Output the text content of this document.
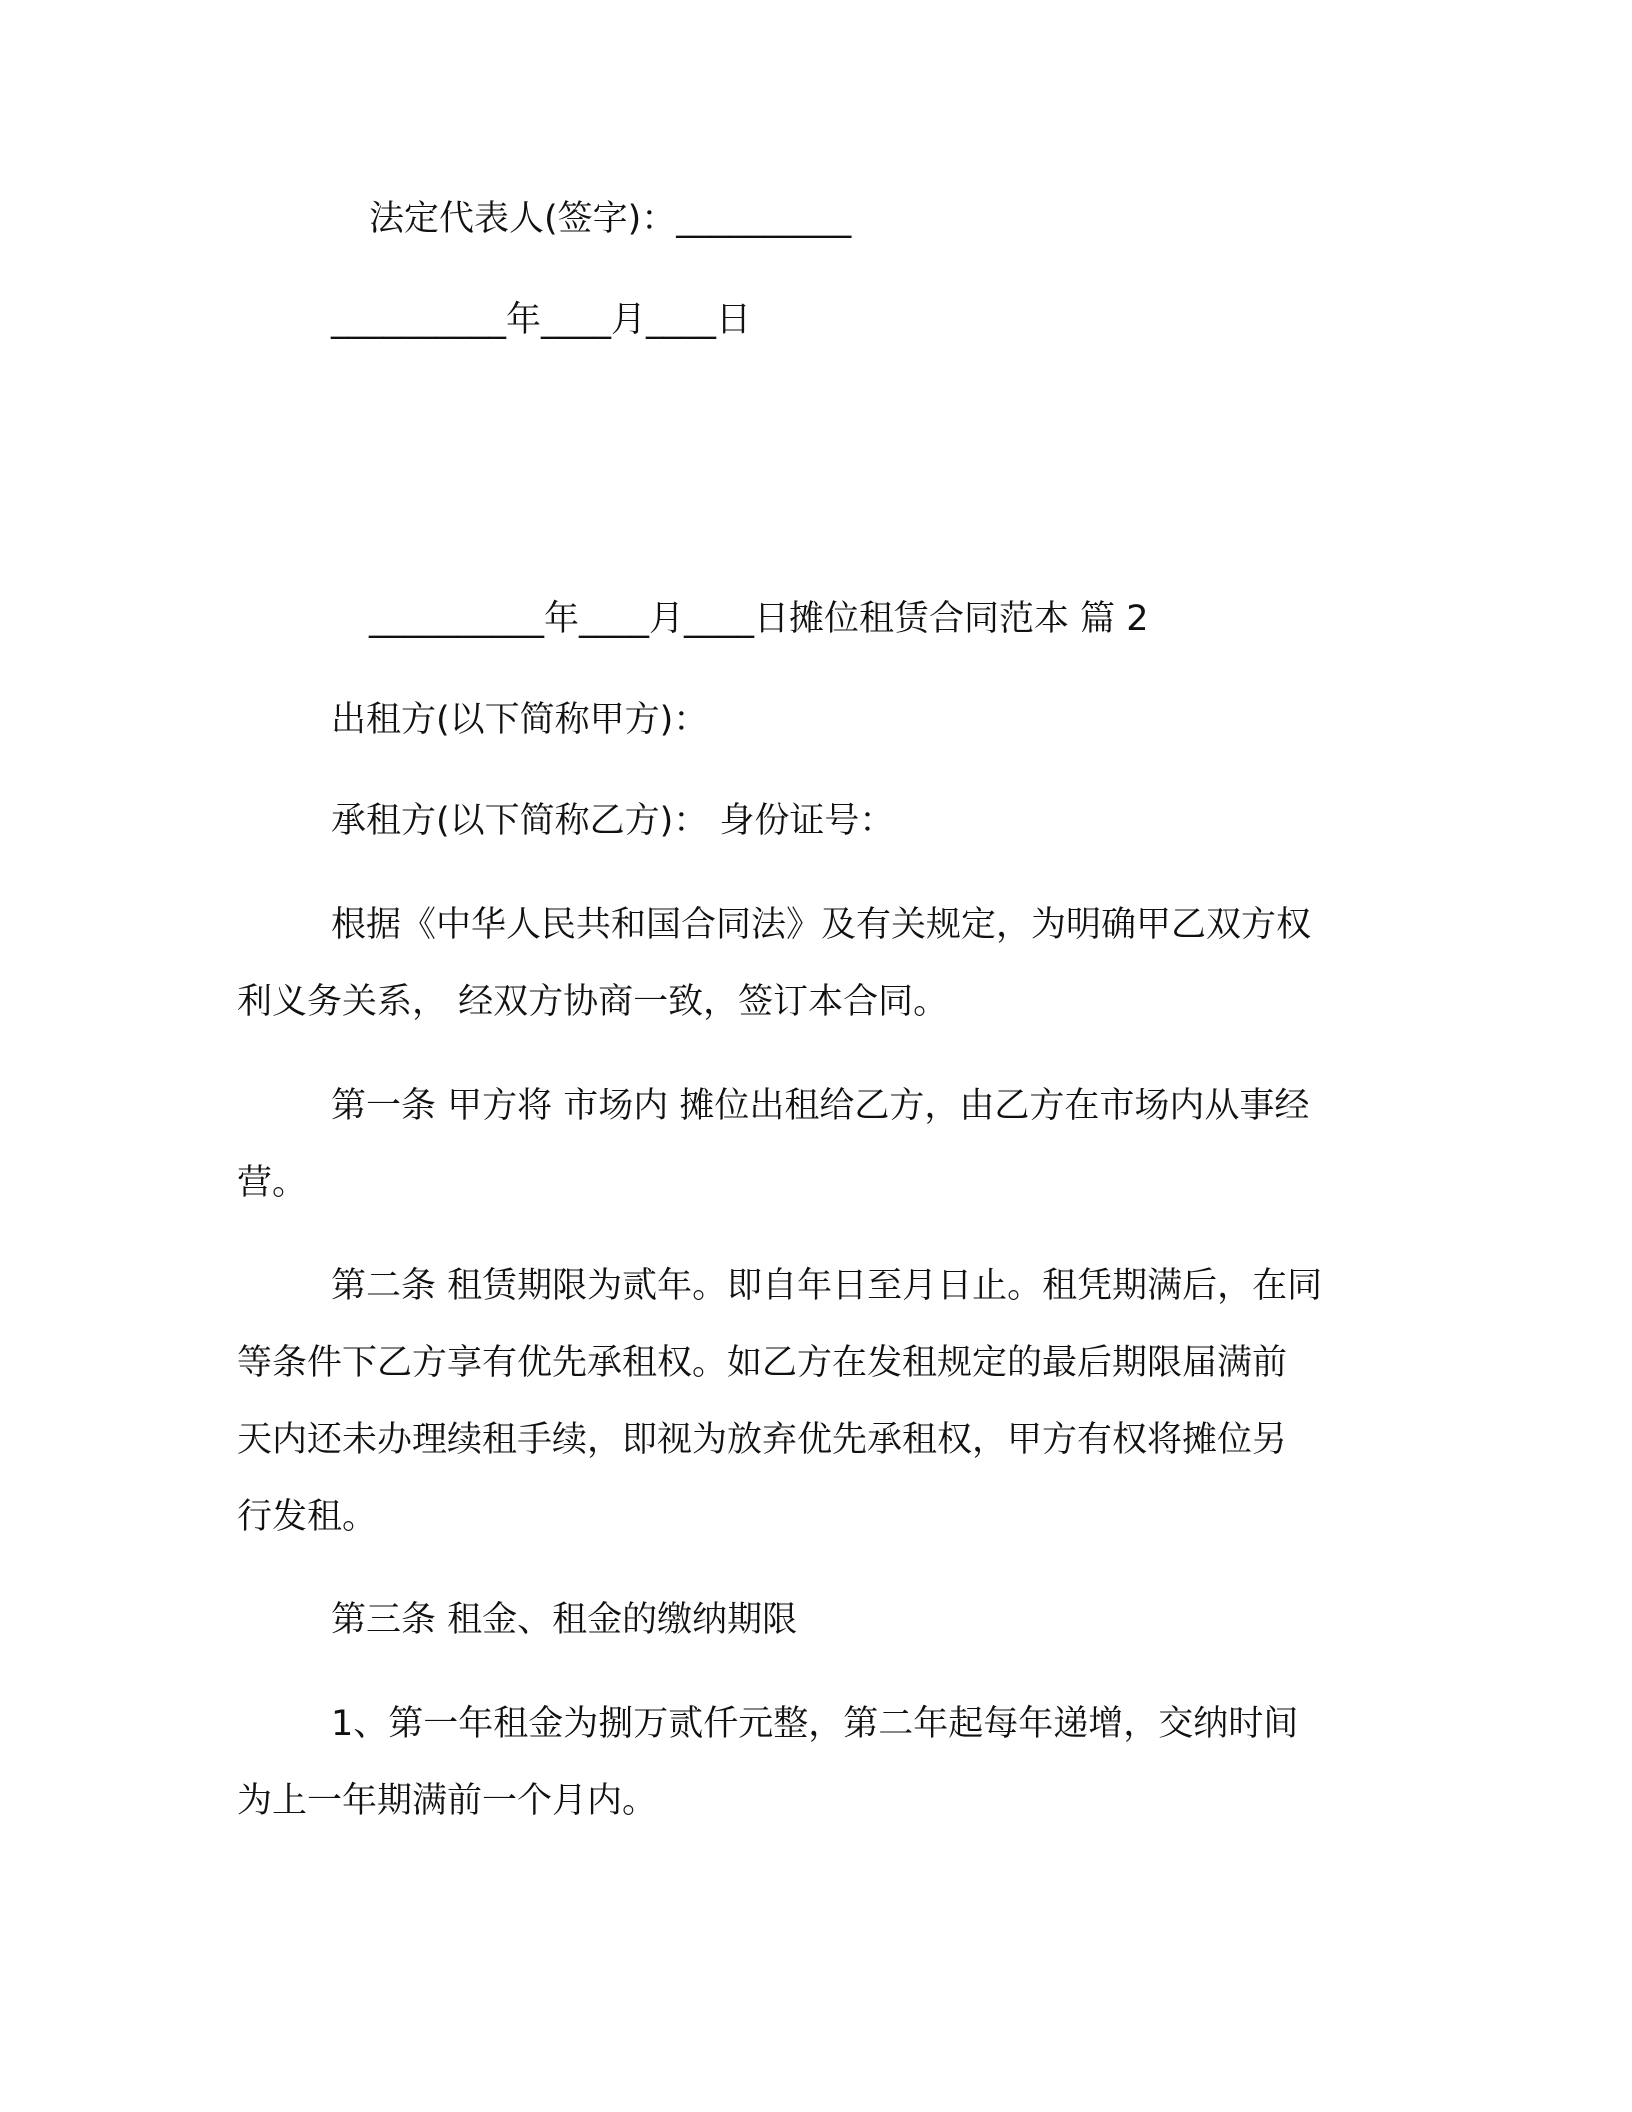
法定代表人(签字)：__________
__________年____月____日
__________年____月____日摊位租赁合同范本 篇 2
出租方(以下简称甲方)：
承租方(以下简称乙方)： 身份证号：
根据《中华人民共和国合同法》及有关规定，为明确甲乙双方权
利义务关系， 经双方协商一致，签订本合同。
第一条 甲方将 市场内 摊位出租给乙方，由乙方在市场内从事经
营。
第二条 租赁期限为贰年。即自年日至月日止。租凭期满后，在同
等条件下乙方享有优先承租权。如乙方在发租规定的最后期限届满前
天内还未办理续租手续，即视为放弃优先承租权，甲方有权将摊位另
行发租。
第三条 租金、租金的缴纳期限
1、第一年租金为捌万贰仟元整，第二年起每年递增，交纳时间
为上一年期满前一个月内。
